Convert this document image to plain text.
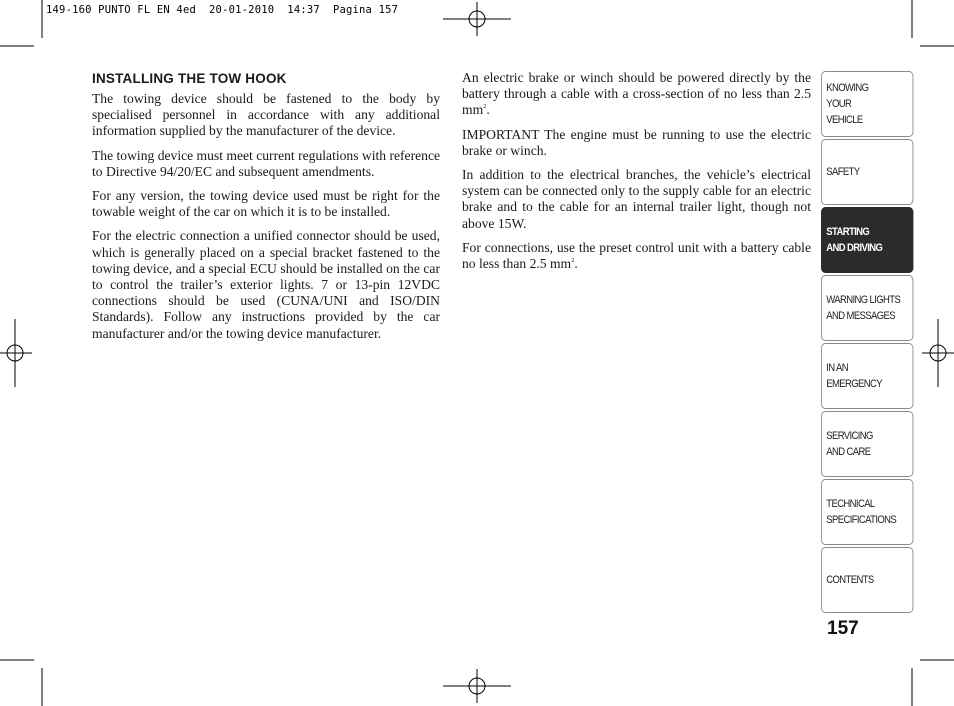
149-160 PUNTO FL EN 4ed  20-01-2010  14:37  Pagina 157
INSTALLING THE TOW HOOK

The towing device should be fastened to the body by specialised personnel in accordance with any additional information supplied by the manufacturer of the device.

The towing device must meet current regulations with reference to Directive 94/20/EC and subsequent amendments.

For any version, the towing device used must be right for the towable weight of the car on which it is to be installed.

For the electric connection a unified connector should be used, which is generally placed on a special bracket fastened to the towing device, and a special ECU should be installed on the car to control the trailer’s exterior lights. 7 or 13-pin 12VDC connections should be used (CUNA/UNI and ISO/DIN Standards). Follow any instructions provided by the car manufacturer and/or the towing device manufacturer.

An electric brake or winch should be powered directly by the battery through a cable with a cross-section of no less than 2.5 $mm^2$.

IMPORTANT The engine must be running to use the electric brake or winch.

In addition to the electrical branches, the vehicle’s electrical system can be connected only to the supply cable for an electric brake and to the cable for an internal trailer light, though not above 15W.

For connections, use the preset control unit with a battery cable no less than 2.5 $mm^2$.

KNOWING
YOUR
VEHICLE
SAFETY
STARTING
AND DRIVING
WARNING LIGHTS
AND MESSAGES
IN AN
EMERGENCY
SERVICING
AND CARE
TECHNICAL
SPECIFICATIONS
CONTENTS
157
